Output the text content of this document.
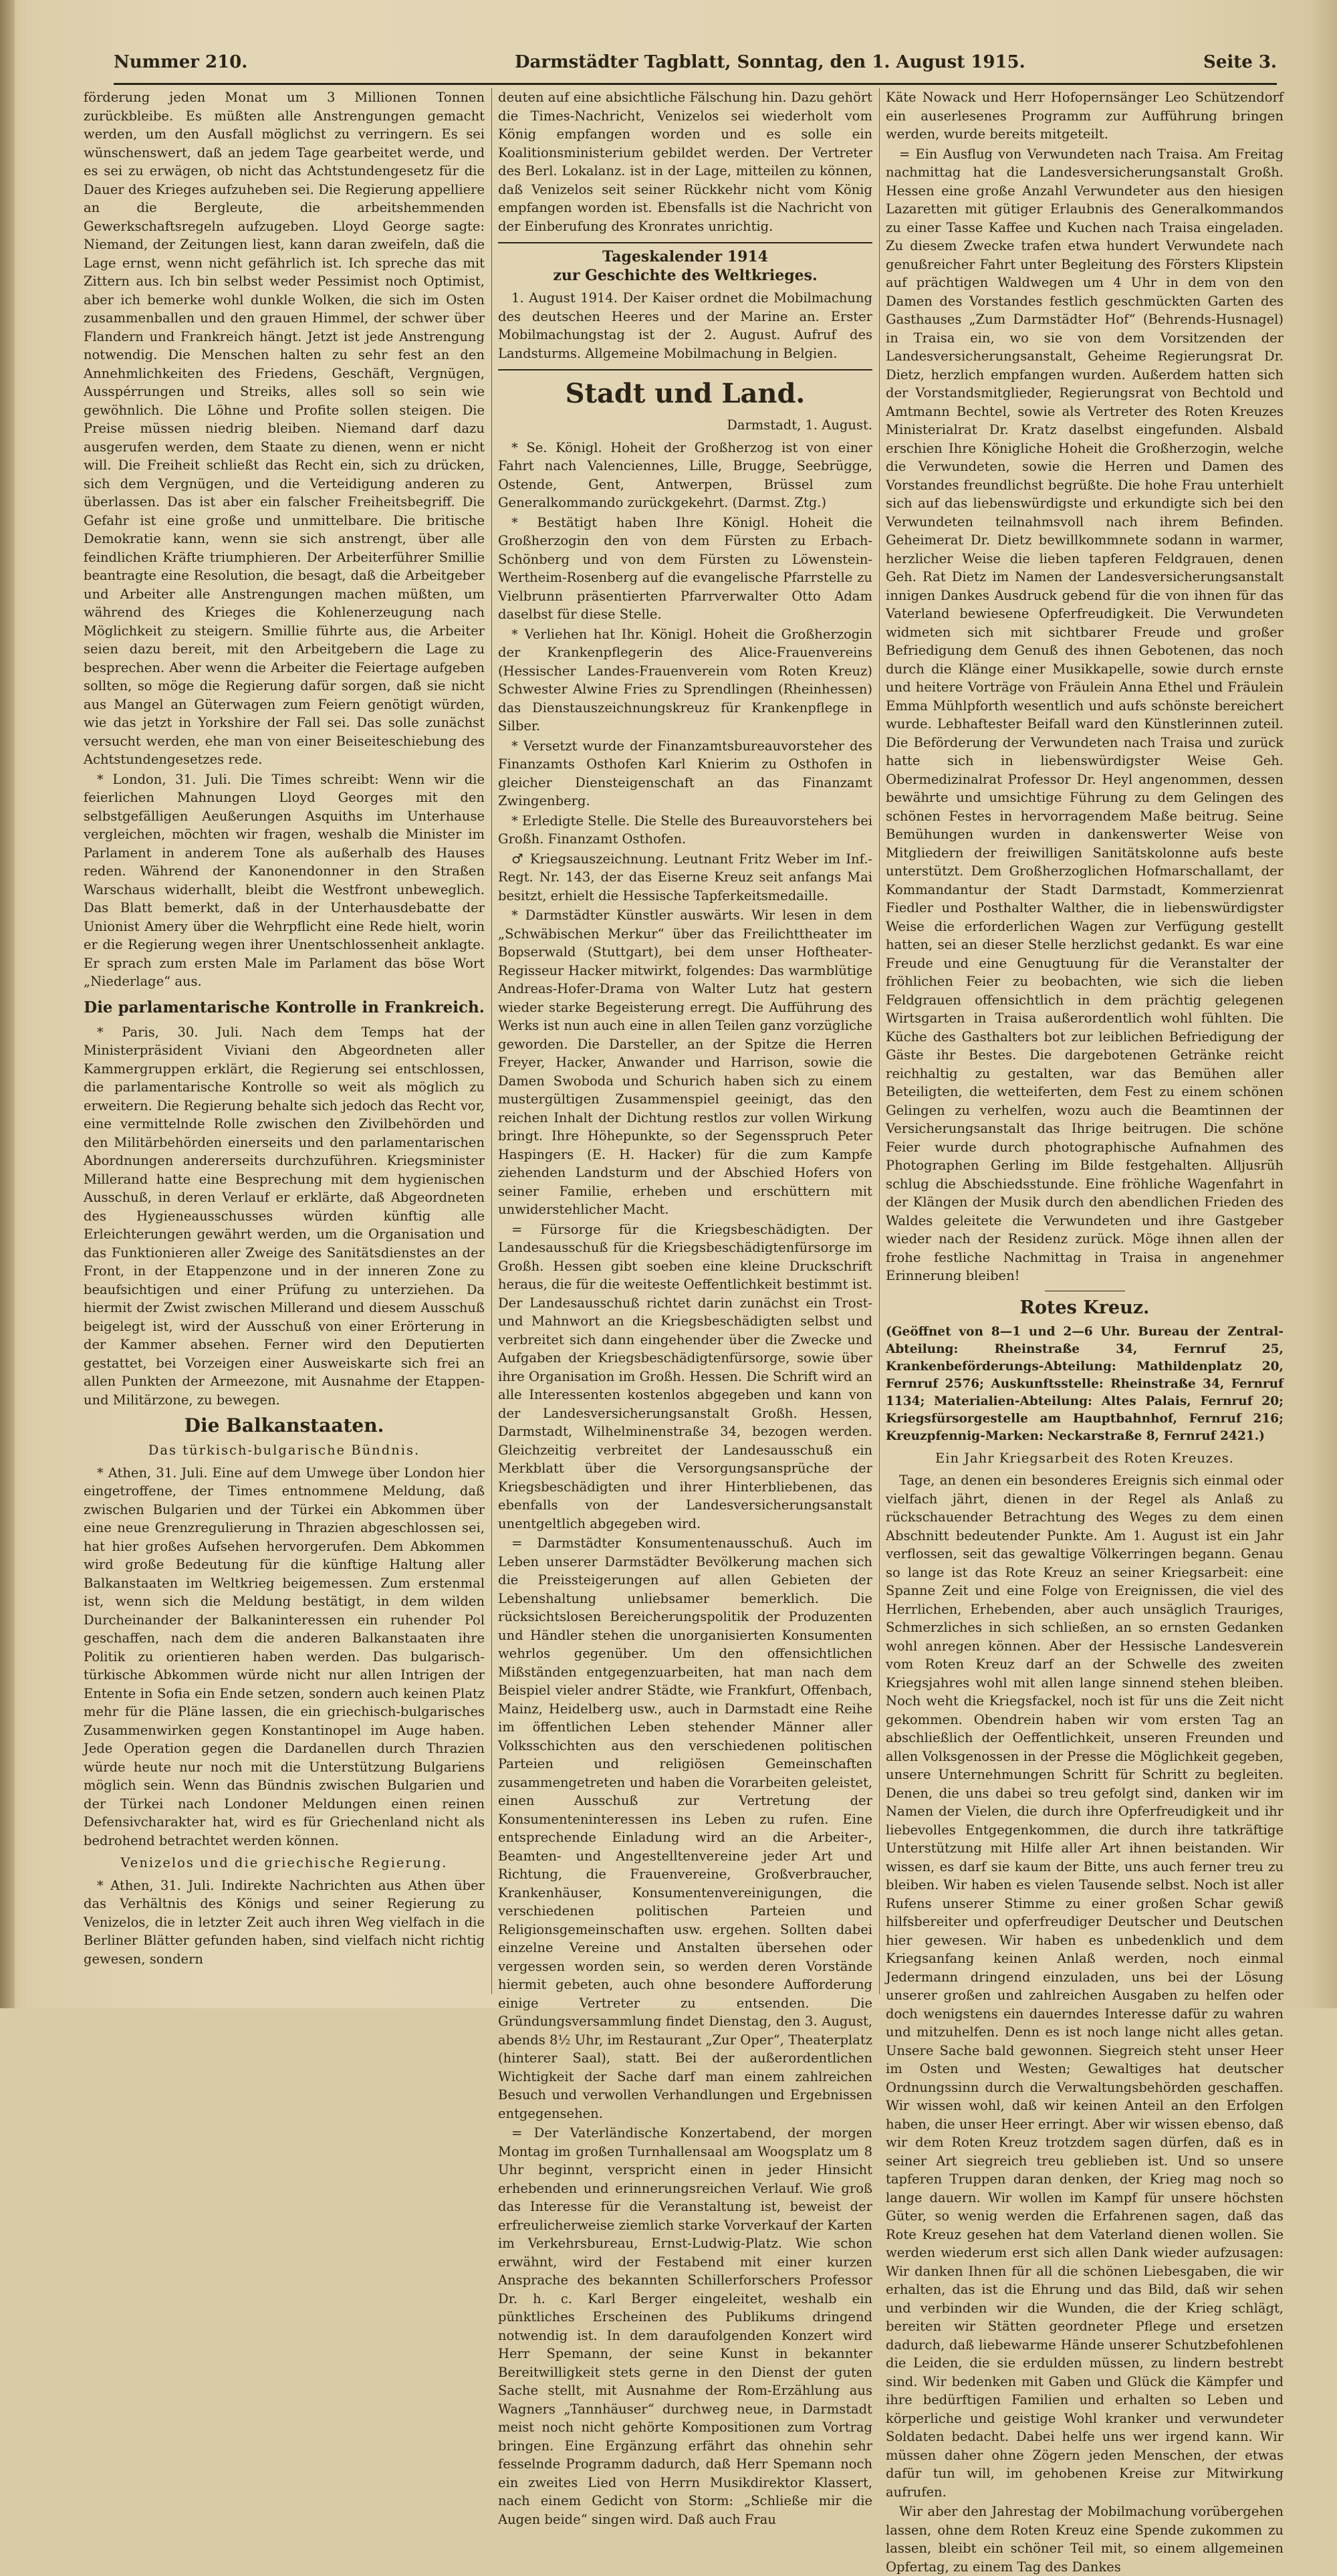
Nummer 210.	Darmstädter Tagblatt, Sonntag, den 1. August 1915.	Seite 3.

förderung jeden Monat um 3 Millionen Tonnen zurückbleibe. Es müßten alle Anstrengungen gemacht werden, um den Ausfall möglichst zu verringern. Es sei wünschenswert, daß an jedem Tage gearbeitet werde, und es sei zu erwägen, ob nicht das Achtstundengesetz für die Dauer des Krieges aufzuheben sei. Die Regierung appelliere an die Bergleute, die arbeitshemmenden Gewerkschaftsregeln aufzugeben. Lloyd George sagte: Niemand, der Zeitungen liest, kann daran zweifeln, daß die Lage ernst, wenn nicht gefährlich ist. Ich spreche das mit Zittern aus. Ich bin selbst weder Pessimist noch Optimist, aber ich bemerke wohl dunkle Wolken, die sich im Osten zusammenballen und den grauen Himmel, der schwer über Flandern und Frankreich hängt. Jetzt ist jede Anstrengung notwendig. Die Menschen halten zu sehr fest an den Annehmlichkeiten des Friedens, Geschäft, Vergnügen, Ausspérrungen und Streiks, alles soll so sein wie gewöhnlich. Die Löhne und Profite sollen steigen. Die Preise müssen niedrig bleiben. Niemand darf dazu ausgerufen werden, dem Staate zu dienen, wenn er nicht will. Die Freiheit schließt das Recht ein, sich zu drücken, sich dem Vergnügen, und die Verteidigung anderen zu überlassen. Das ist aber ein falscher Freiheitsbegriff. Die Gefahr ist eine große und unmittelbare. Die britische Demokratie kann, wenn sie sich anstrengt, über alle feindlichen Kräfte triumphieren. Der Arbeiterführer Smillie beantragte eine Resolution, die besagt, daß die Arbeitgeber und Arbeiter alle Anstrengungen machen müßten, um während des Krieges die Kohlenerzeugung nach Möglichkeit zu steigern. Smillie führte aus, die Arbeiter seien dazu bereit, mit den Arbeitgebern die Lage zu besprechen. Aber wenn die Arbeiter die Feiertage aufgeben sollten, so möge die Regierung dafür sorgen, daß sie nicht aus Mangel an Güterwagen zum Feiern genötigt würden, wie das jetzt in Yorkshire der Fall sei. Das solle zunächst versucht werden, ehe man von einer Beiseiteschiebung des Achtstundengesetzes rede.

* London, 31. Juli. Die Times schreibt: Wenn wir die feierlichen Mahnungen Lloyd Georges mit den selbstgefälligen Aeußerungen Asquiths im Unterhause vergleichen, möchten wir fragen, weshalb die Minister im Parlament in anderem Tone als außerhalb des Hauses reden. Während der Kanonendonner in den Straßen Warschaus widerhallt, bleibt die Westfront unbeweglich. Das Blatt bemerkt, daß in der Unterhausdebatte der Unionist Amery über die Wehrpflicht eine Rede hielt, worin er die Regierung wegen ihrer Unentschlossenheit anklagte. Er sprach zum ersten Male im Parlament das böse Wort „Niederlage“ aus.

Die parlamentarische Kontrolle in Frankreich.

* Paris, 30. Juli. Nach dem Temps hat der Ministerpräsident Viviani den Abgeordneten aller Kammergruppen erklärt, die Regierung sei entschlossen, die parlamentarische Kontrolle so weit als möglich zu erweitern. Die Regierung behalte sich jedoch das Recht vor, eine vermittelnde Rolle zwischen den Zivilbehörden und den Militärbehörden einerseits und den parlamentarischen Abordnungen andererseits durchzuführen. Kriegsminister Millerand hatte eine Besprechung mit dem hygienischen Ausschuß, in deren Verlauf er erklärte, daß Abgeordneten des Hygieneausschusses würden künftig alle Erleichterungen gewährt werden, um die Organisation und das Funktionieren aller Zweige des Sanitätsdienstes an der Front, in der Etappenzone und in der inneren Zone zu beaufsichtigen und einer Prüfung zu unterziehen. Da hiermit der Zwist zwischen Millerand und diesem Ausschuß beigelegt ist, wird der Ausschuß von einer Erörterung in der Kammer absehen. Ferner wird den Deputierten gestattet, bei Vorzeigen einer Ausweiskarte sich frei an allen Punkten der Armeezone, mit Ausnahme der Etappen- und Militärzone, zu bewegen.

Die Balkanstaaten.
Das türkisch-bulgarische Bündnis.

* Athen, 31. Juli. Eine auf dem Umwege über London hier eingetroffene, der Times entnommene Meldung, daß zwischen Bulgarien und der Türkei ein Abkommen über eine neue Grenzregulierung in Thrazien abgeschlossen sei, hat hier großes Aufsehen hervorgerufen. Dem Abkommen wird große Bedeutung für die künftige Haltung aller Balkanstaaten im Weltkrieg beigemessen. Zum erstenmal ist, wenn sich die Meldung bestätigt, in dem wilden Durcheinander der Balkaninteressen ein ruhender Pol geschaffen, nach dem die anderen Balkanstaaten ihre Politik zu orientieren haben werden. Das bulgarisch-türkische Abkommen würde nicht nur allen Intrigen der Entente in Sofia ein Ende setzen, sondern auch keinen Platz mehr für die Pläne lassen, die ein griechisch-bulgarisches Zusammenwirken gegen Konstantinopel im Auge haben. Jede Operation gegen die Dardanellen durch Thrazien würde heute nur noch mit die Unterstützung Bulgariens möglich sein. Wenn das Bündnis zwischen Bulgarien und der Türkei nach Londoner Meldungen einen reinen Defensivcharakter hat, wird es für Griechenland nicht als bedrohend betrachtet werden können.

Venizelos und die griechische Regierung.

* Athen, 31. Juli. Indirekte Nachrichten aus Athen über das Verhältnis des Königs und seiner Regierung zu Venizelos, die in letzter Zeit auch ihren Weg vielfach in die Berliner Blätter gefunden haben, sind vielfach nicht richtig gewesen, sondern

deuten auf eine absichtliche Fälschung hin. Dazu gehört die Times-Nachricht, Venizelos sei wiederholt vom König empfangen worden und es solle ein Koalitionsministerium gebildet werden. Der Vertreter des Berl. Lokalanz. ist in der Lage, mitteilen zu können, daß Venizelos seit seiner Rückkehr nicht vom König empfangen worden ist. Ebensfalls ist die Nachricht von der Einberufung des Kronrates unrichtig.

Tageskalender 1914
zur Geschichte des Weltkrieges.

1. August 1914. Der Kaiser ordnet die Mobilmachung des deutschen Heeres und der Marine an. Erster Mobilmachungstag ist der 2. August. Aufruf des Landsturms. Allgemeine Mobilmachung in Belgien.

Stadt und Land.
Darmstadt, 1. August.

* Se. Königl. Hoheit der Großherzog ist von einer Fahrt nach Valenciennes, Lille, Brugge, Seebrügge, Ostende, Gent, Antwerpen, Brüssel zum Generalkommando zurückgekehrt. (Darmst. Ztg.)

* Bestätigt haben Ihre Königl. Hoheit die Großherzogin den von dem Fürsten zu Erbach-Schönberg und von dem Fürsten zu Löwenstein-Wertheim-Rosenberg auf die evangelische Pfarrstelle zu Vielbrunn präsentierten Pfarrverwalter Otto Adam daselbst für diese Stelle.

* Verliehen hat Ihr. Königl. Hoheit die Großherzogin der Krankenpflegerin des Alice-Frauenvereins (Hessischer Landes-Frauenverein vom Roten Kreuz) Schwester Alwine Fries zu Sprendlingen (Rheinhessen) das Dienstauszeichnungskreuz für Krankenpflege in Silber.

* Versetzt wurde der Finanzamtsbureauvorsteher des Finanzamts Osthofen Karl Knierim zu Osthofen in gleicher Diensteigenschaft an das Finanzamt Zwingenberg.

* Erledigte Stelle. Die Stelle des Bureauvorstehers bei Großh. Finanzamt Osthofen.

♂ Kriegsauszeichnung. Leutnant Fritz Weber im Inf.-Regt. Nr. 143, der das Eiserne Kreuz seit anfangs Mai besitzt, erhielt die Hessische Tapferkeitsmedaille.

* Darmstädter Künstler auswärts. Wir lesen in dem „Schwäbischen Merkur“ über das Freilichttheater im Bopserwald (Stuttgart), bei dem unser Hoftheater-Regisseur Hacker mitwirkt, folgendes: Das warmblütige Andreas-Hofer-Drama von Walter Lutz hat gestern wieder starke Begeisterung erregt. Die Aufführung des Werks ist nun auch eine in allen Teilen ganz vorzügliche geworden. Die Darsteller, an der Spitze die Herren Freyer, Hacker, Anwander und Harrison, sowie die Damen Swoboda und Schurich haben sich zu einem mustergültigen Zusammenspiel geeinigt, das den reichen Inhalt der Dichtung restlos zur vollen Wirkung bringt. Ihre Höhepunkte, so der Segensspruch Peter Haspingers (E. H. Hacker) für die zum Kampfe ziehenden Landsturm und der Abschied Hofers von seiner Familie, erheben und erschüttern mit unwiderstehlicher Macht.

= Fürsorge für die Kriegsbeschädigten. Der Landesausschuß für die Kriegsbeschädigtenfürsorge im Großh. Hessen gibt soeben eine kleine Druckschrift heraus, die für die weiteste Oeffentlichkeit bestimmt ist. Der Landesausschuß richtet darin zunächst ein Trost- und Mahnwort an die Kriegsbeschädigten selbst und verbreitet sich dann eingehender über die Zwecke und Aufgaben der Kriegsbeschädigtenfürsorge, sowie über ihre Organisation im Großh. Hessen. Die Schrift wird an alle Interessenten kostenlos abgegeben und kann von der Landesversicherungsanstalt Großh. Hessen, Darmstadt, Wilhelminenstraße 34, bezogen werden. Gleichzeitig verbreitet der Landesausschuß ein Merkblatt über die Versorgungsansprüche der Kriegsbeschädigten und ihrer Hinterbliebenen, das ebenfalls von der Landesversicherungsanstalt unentgeltlich abgegeben wird.

= Darmstädter Konsumentenausschuß. Auch im Leben unserer Darmstädter Bevölkerung machen sich die Preissteigerungen auf allen Gebieten der Lebenshaltung unliebsamer bemerklich. Die rücksichtslosen Bereicherungspolitik der Produzenten und Händler stehen die unorganisierten Konsumenten wehrlos gegenüber. Um den offensichtlichen Mißständen entgegenzuarbeiten, hat man nach dem Beispiel vieler andrer Städte, wie Frankfurt, Offenbach, Mainz, Heidelberg usw., auch in Darmstadt eine Reihe im öffentlichen Leben stehender Männer aller Volksschichten aus den verschiedenen politischen Parteien und religiösen Gemeinschaften zusammengetreten und haben die Vorarbeiten geleistet, einen Ausschuß zur Vertretung der Konsumenteninteressen ins Leben zu rufen. Eine entsprechende Einladung wird an die Arbeiter-, Beamten- und Angestelltenvereine jeder Art und Richtung, die Frauenvereine, Großverbraucher, Krankenhäuser, Konsumentenvereinigungen, die verschiedenen politischen Parteien und Religionsgemeinschaften usw. ergehen. Sollten dabei einzelne Vereine und Anstalten übersehen oder vergessen worden sein, so werden deren Vorstände hiermit gebeten, auch ohne besondere Aufforderung einige Vertreter zu entsenden. Die Gründungsversammlung findet Dienstag, den 3. August, abends 8½ Uhr, im Restaurant „Zur Oper“, Theaterplatz (hinterer Saal), statt. Bei der außerordentlichen Wichtigkeit der Sache darf man einem zahlreichen Besuch und verwollen Verhandlungen und Ergebnissen entgegensehen.

= Der Vaterländische Konzertabend, der morgen Montag im großen Turnhallensaal am Woogsplatz um 8 Uhr beginnt, verspricht einen in jeder Hinsicht erhebenden und erinnerungsreichen Verlauf. Wie groß das Interesse für die Veranstaltung ist, beweist der erfreulicherweise ziemlich starke Vorverkauf der Karten im Verkehrsbureau, Ernst-Ludwig-Platz. Wie schon erwähnt, wird der Festabend mit einer kurzen Ansprache des bekannten Schillerforschers Professor Dr. h. c. Karl Berger eingeleitet, weshalb ein pünktliches Erscheinen des Publikums dringend notwendig ist. In dem daraufolgenden Konzert wird Herr Spemann, der seine Kunst in bekannter Bereitwilligkeit stets gerne in den Dienst der guten Sache stellt, mit Ausnahme der Rom-Erzählung aus Wagners „Tannhäuser“ durchweg neue, in Darmstadt meist noch nicht gehörte Kompositionen zum Vortrag bringen. Eine Ergänzung erfährt das ohnehin sehr fesselnde Programm dadurch, daß Herr Spemann noch ein zweites Lied von Herrn Musikdirektor Klassert, nach einem Gedicht von Storm: „Schließe mir die Augen beide“ singen wird. Daß auch Frau

Käte Nowack und Herr Hofopernsänger Leo Schützendorf ein auserlesenes Programm zur Aufführung bringen werden, wurde bereits mitgeteilt.

= Ein Ausflug von Verwundeten nach Traisa. Am Freitag nachmittag hat die Landesversicherungsanstalt Großh. Hessen eine große Anzahl Verwundeter aus den hiesigen Lazaretten mit gütiger Erlaubnis des Generalkommandos zu einer Tasse Kaffee und Kuchen nach Traisa eingeladen. Zu diesem Zwecke trafen etwa hundert Verwundete nach genußreicher Fahrt unter Begleitung des Försters Klipstein auf prächtigen Waldwegen um 4 Uhr in dem von den Damen des Vorstandes festlich geschmückten Garten des Gasthauses „Zum Darmstädter Hof“ (Behrends-Husnagel) in Traisa ein, wo sie von dem Vorsitzenden der Landesversicherungsanstalt, Geheime Regierungsrat Dr. Dietz, herzlich empfangen wurden. Außerdem hatten sich der Vorstandsmitglieder, Regierungsrat von Bechtold und Amtmann Bechtel, sowie als Vertreter des Roten Kreuzes Ministerialrat Dr. Kratz daselbst eingefunden. Alsbald erschien Ihre Königliche Hoheit die Großherzogin, welche die Verwundeten, sowie die Herren und Damen des Vorstandes freundlichst begrüßte. Die hohe Frau unterhielt sich auf das liebenswürdigste und erkundigte sich bei den Verwundeten teilnahmsvoll nach ihrem Befinden. Geheimerat Dr. Dietz bewillkommnete sodann in warmer, herzlicher Weise die lieben tapferen Feldgrauen, denen Geh. Rat Dietz im Namen der Landesversicherungsanstalt innigen Dankes Ausdruck gebend für die von ihnen für das Vaterland bewiesene Opferfreudigkeit. Die Verwundeten widmeten sich mit sichtbarer Freude und großer Befriedigung dem Genuß des ihnen Gebotenen, das noch durch die Klänge einer Musikkapelle, sowie durch ernste und heitere Vorträge von Fräulein Anna Ethel und Fräulein Emma Mühlpforth wesentlich und aufs schönste bereichert wurde. Lebhaftester Beifall ward den Künstlerinnen zuteil. Die Beförderung der Verwundeten nach Traisa und zurück hatte sich in liebenswürdigster Weise Geh. Obermedizinalrat Professor Dr. Heyl angenommen, dessen bewährte und umsichtige Führung zu dem Gelingen des schönen Festes in hervorragendem Maße beitrug. Seine Bemühungen wurden in dankenswerter Weise von Mitgliedern der freiwilligen Sanitätskolonne aufs beste unterstützt. Dem Großherzoglichen Hofmarschallamt, der Kommandantur der Stadt Darmstadt, Kommerzienrat Fiedler und Posthalter Walther, die in liebenswürdigster Weise die erforderlichen Wagen zur Verfügung gestellt hatten, sei an dieser Stelle herzlichst gedankt. Es war eine Freude und eine Genugtuung für die Veranstalter der fröhlichen Feier zu beobachten, wie sich die lieben Feldgrauen offensichtlich in dem prächtig gelegenen Wirtsgarten in Traisa außerordentlich wohl fühlten. Die Küche des Gasthalters bot zur leiblichen Befriedigung der Gäste ihr Bestes. Die dargebotenen Getränke reicht reichhaltig zu gestalten, war das Bemühen aller Beteiligten, die wetteiferten, dem Fest zu einem schönen Gelingen zu verhelfen, wozu auch die Beamtinnen der Versicherungsanstalt das Ihrige beitrugen. Die schöne Feier wurde durch photographische Aufnahmen des Photographen Gerling im Bilde festgehalten. Alljusrüh schlug die Abschiedsstunde. Eine fröhliche Wagenfahrt in der Klängen der Musik durch den abendlichen Frieden des Waldes geleitete die Verwundeten und ihre Gastgeber wieder nach der Residenz zurück. Möge ihnen allen der frohe festliche Nachmittag in Traisa in angenehmer Erinnerung bleiben!

Rotes Kreuz.
(Geöffnet von 8—1 und 2—6 Uhr. Bureau der Zentral-Abteilung: Rheinstraße 34, Fernruf 25, Krankenbeförderungs-Abteilung: Mathildenplatz 20, Fernruf 2576; Auskunftsstelle: Rheinstraße 34, Fernruf 1134; Materialien-Abteilung: Altes Palais, Fernruf 20; Kriegsfürsorgestelle am Hauptbahnhof, Fernruf 216; Kreuzpfennig-Marken: Neckarstraße 8, Fernruf 2421.)
Ein Jahr Kriegsarbeit des Roten Kreuzes.

Tage, an denen ein besonderes Ereignis sich einmal oder vielfach jährt, dienen in der Regel als Anlaß zu rückschauender Betrachtung des Weges zu dem einen Abschnitt bedeutender Punkte. Am 1. August ist ein Jahr verflossen, seit das gewaltige Völkerringen begann. Genau so lange ist das Rote Kreuz an seiner Kriegsarbeit: eine Spanne Zeit und eine Folge von Ereignissen, die viel des Herrlichen, Erhebenden, aber auch unsäglich Trauriges, Schmerzliches in sich schließen, an so ernsten Gedanken wohl anregen können. Aber der Hessische Landesverein vom Roten Kreuz darf an der Schwelle des zweiten Kriegsjahres wohl mit allen lange sinnend stehen bleiben. Noch weht die Kriegsfackel, noch ist für uns die Zeit nicht gekommen. Obendrein haben wir vom ersten Tag an abschließlich der Oeffentlichkeit, unseren Freunden und allen Volksgenossen in der Presse die Möglichkeit gegeben, unsere Unternehmungen Schritt für Schritt zu begleiten. Denen, die uns dabei so treu gefolgt sind, danken wir im Namen der Vielen, die durch ihre Opferfreudigkeit und ihr liebevolles Entgegenkommen, die durch ihre tatkräftige Unterstützung mit Hilfe aller Art ihnen beistanden. Wir wissen, es darf sie kaum der Bitte, uns auch ferner treu zu bleiben. Wir haben es vielen Tausende selbst. Noch ist aller Rufens unserer Stimme zu einer großen Schar gewiß hilfsbereiter und opferfreudiger Deutscher und Deutschen hier gewesen. Wir haben es unbedenklich und dem Kriegsanfang keinen Anlaß werden, noch einmal Jedermann dringend einzuladen, uns bei der Lösung unserer großen und zahlreichen Ausgaben zu helfen oder doch wenigstens ein dauerndes Interesse dafür zu wahren und mitzuhelfen. Denn es ist noch lange nicht alles getan. Unsere Sache bald gewonnen. Siegreich steht unser Heer im Osten und Westen; Gewaltiges hat deutscher Ordnungssinn durch die Verwaltungsbehörden geschaffen. Wir wissen wohl, daß wir keinen Anteil an den Erfolgen haben, die unser Heer erringt. Aber wir wissen ebenso, daß wir dem Roten Kreuz trotzdem sagen dürfen, daß es in seiner Art siegreich treu geblieben ist. Und so unsere tapferen Truppen daran denken, der Krieg mag noch so lange dauern. Wir wollen im Kampf für unsere höchsten Güter, so wenig werden die Erfahrenen sagen, daß das Rote Kreuz gesehen hat dem Vaterland dienen wollen. Sie werden wiederum erst sich allen Dank wieder aufzusagen: Wir danken Ihnen für all die schönen Liebesgaben, die wir erhalten, das ist die Ehrung und das Bild, daß wir sehen und verbinden wir die Wunden, die der Krieg schlägt, bereiten wir Stätten geordneter Pflege und ersetzen dadurch, daß liebewarme Hände unserer Schutzbefohlenen die Leiden, die sie erdulden müssen, zu lindern bestrebt sind. Wir bedenken mit Gaben und Glück die Kämpfer und ihre bedürftigen Familien und erhalten so Leben und körperliche und geistige Wohl kranker und verwundeter Soldaten bedacht. Dabei helfe uns wer irgend kann. Wir müssen daher ohne Zögern jeden Menschen, der etwas dafür tun will, im gehobenen Kreise zur Mitwirkung aufrufen.

Wir aber den Jahrestag der Mobilmachung vorübergehen lassen, ohne dem Roten Kreuz eine Spende zukommen zu lassen, bleibt ein schöner Teil mit, so einem allgemeinen Opfertag, zu einem Tag des Dankes
